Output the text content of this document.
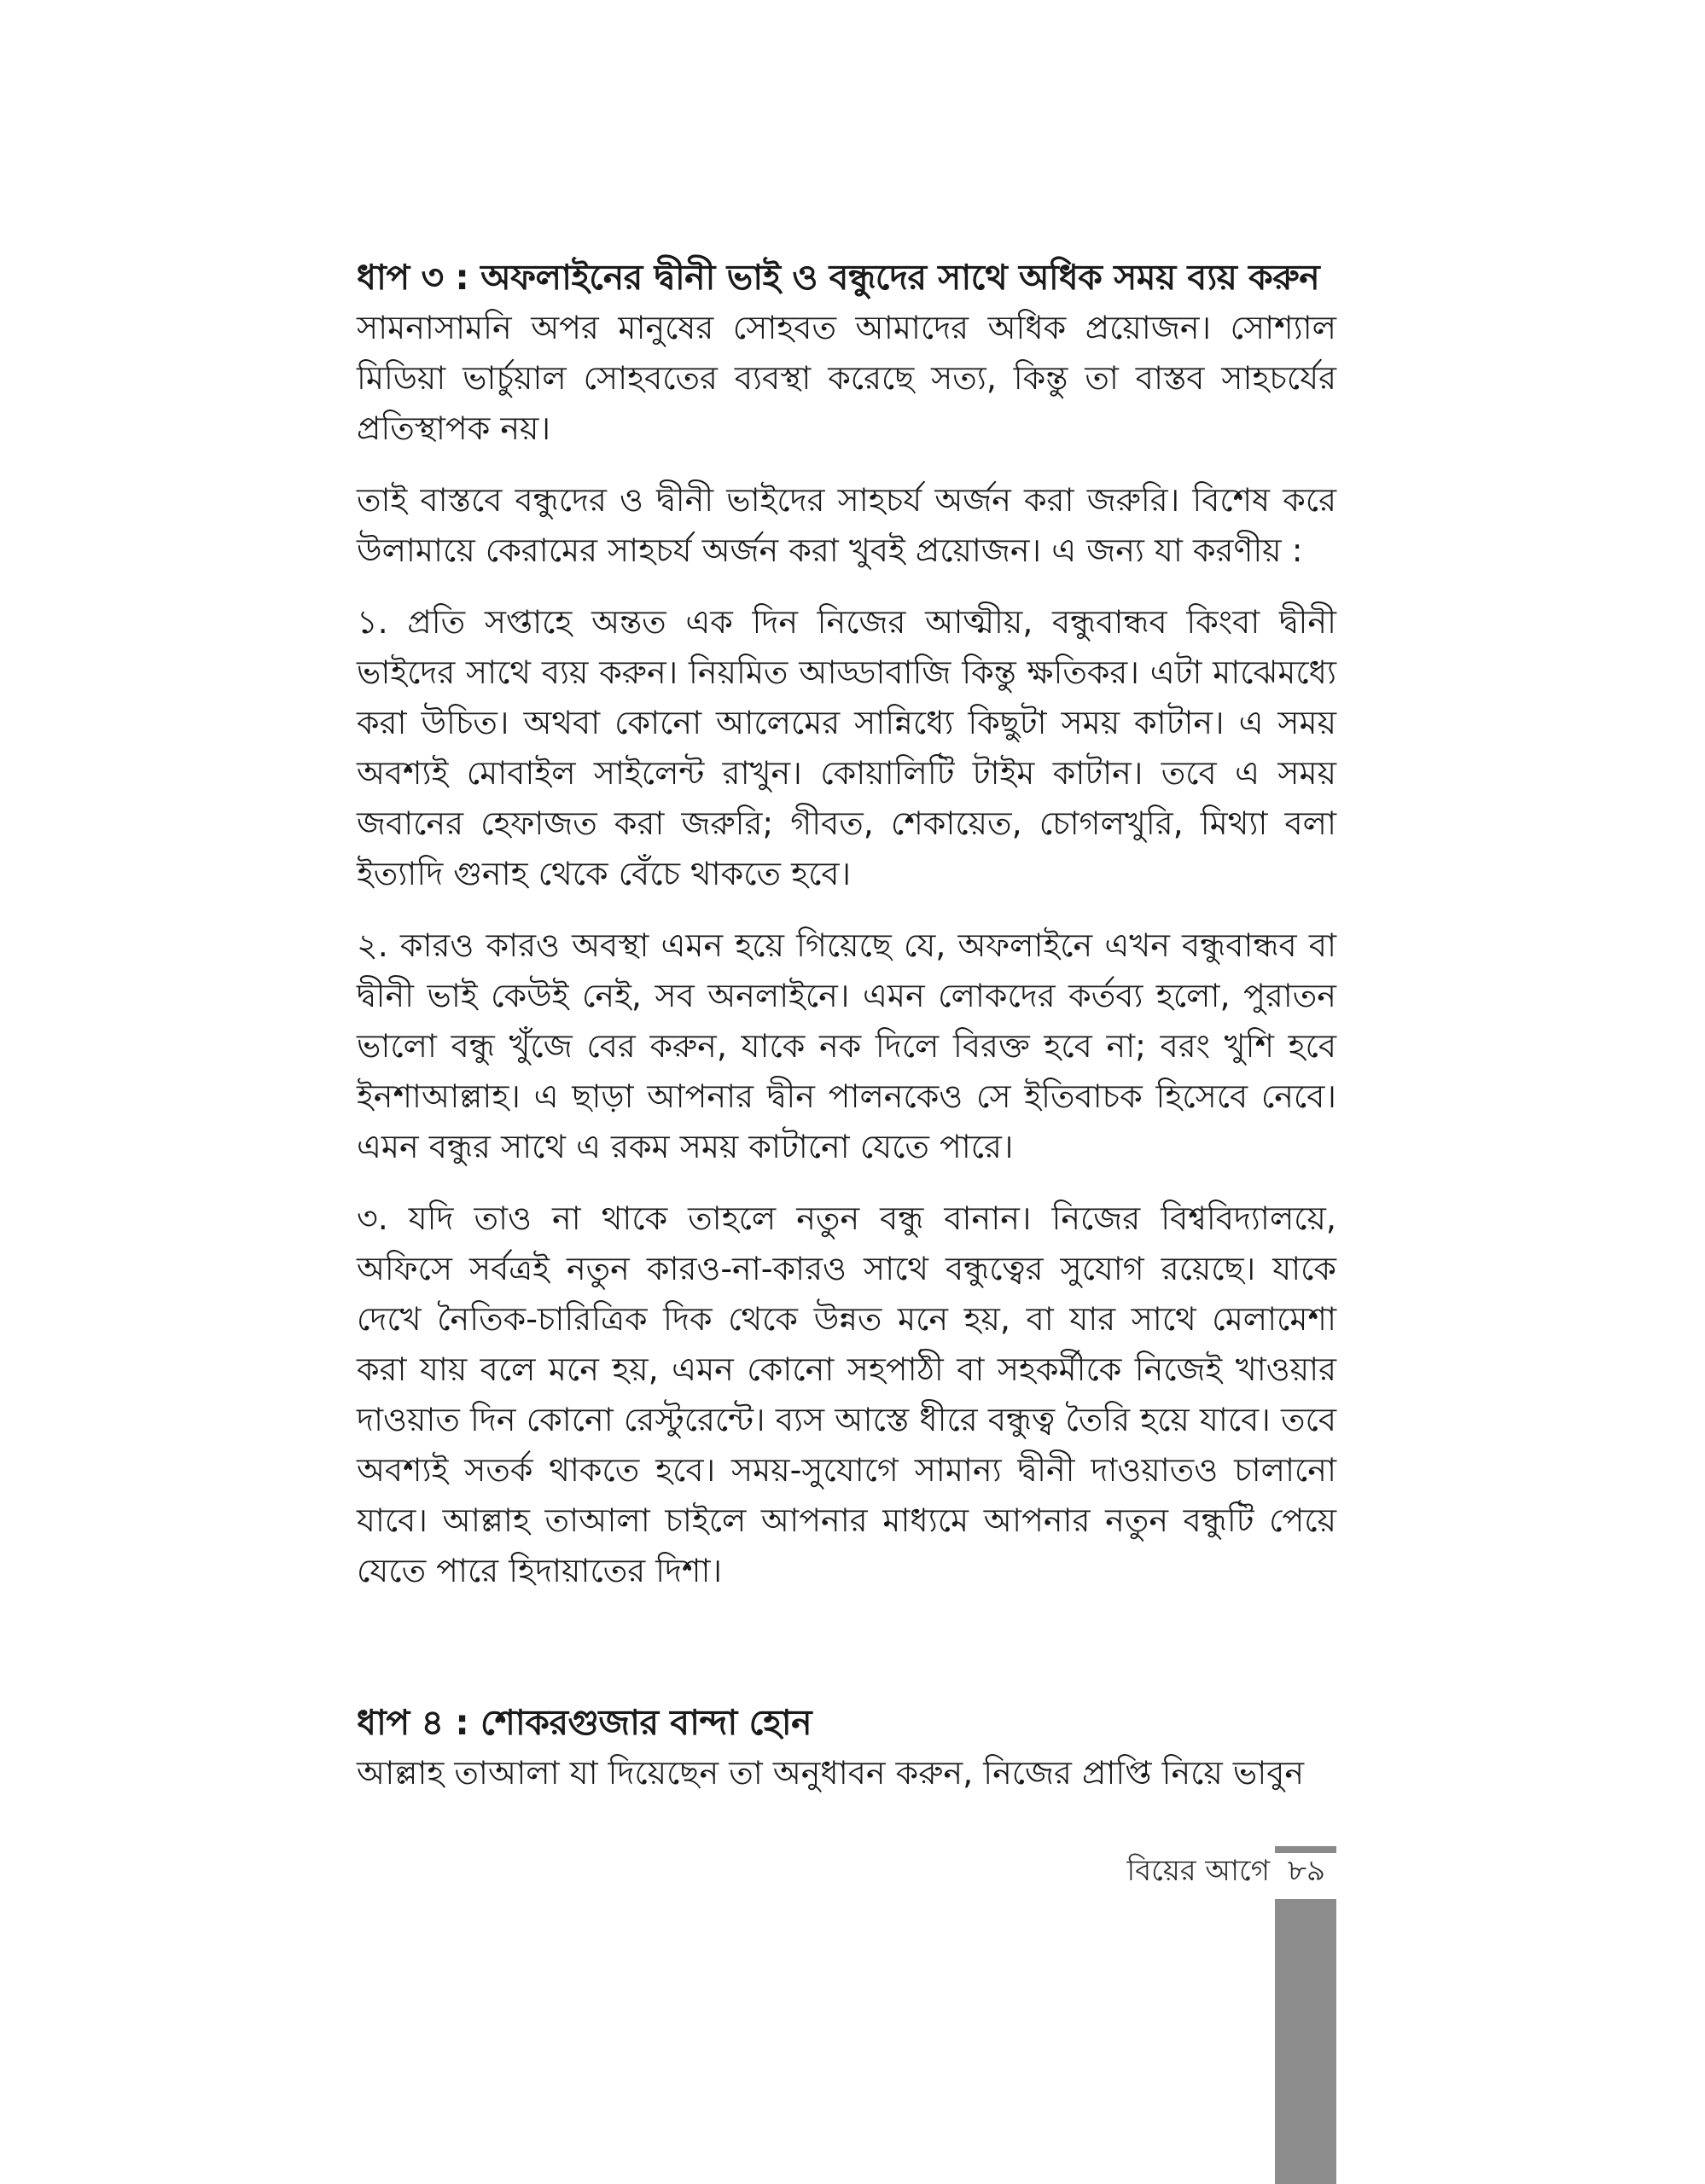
ধাপ ৩ : অফলাইনের দ্বীনী ভাই ও বন্ধুদের সাথে অধিক সময় ব্যয় করুন

সামনাসামনি অপর মানুষের সোহবত আমাদের অধিক প্রয়োজন। সোশ্যাল মিডিয়া ভার্চুয়াল সোহবতের ব্যবস্থা করেছে সত্য, কিন্তু তা বাস্তব সাহচর্যের প্রতিস্থাপক নয়।

তাই বাস্তবে বন্ধুদের ও দ্বীনী ভাইদের সাহচর্য অর্জন করা জরুরি। বিশেষ করে উলামায়ে কেরামের সাহচর্য অর্জন করা খুবই প্রয়োজন। এ জন্য যা করণীয় :

১. প্রতি সপ্তাহে অন্তত এক দিন নিজের আত্মীয়, বন্ধুবান্ধব কিংবা দ্বীনী ভাইদের সাথে ব্যয় করুন। নিয়মিত আড্ডাবাজি কিন্তু ক্ষতিকর। এটা মাঝেমধ্যে করা উচিত। অথবা কোনো আলেমের সান্নিধ্যে কিছুটা সময় কাটান। এ সময় অবশ্যই মোবাইল সাইলেন্ট রাখুন। কোয়ালিটি টাইম কাটান। তবে এ সময় জবানের হেফাজত করা জরুরি; গীবত, শেকায়েত, চোগলখুরি, মিথ্যা বলা ইত্যাদি গুনাহ থেকে বেঁচে থাকতে হবে।

২. কারও কারও অবস্থা এমন হয়ে গিয়েছে যে, অফলাইনে এখন বন্ধুবান্ধব বা দ্বীনী ভাই কেউই নেই, সব অনলাইনে। এমন লোকদের কর্তব্য হলো, পুরাতন ভালো বন্ধু খুঁজে বের করুন, যাকে নক দিলে বিরক্ত হবে না; বরং খুশি হবে ইনশাআল্লাহ। এ ছাড়া আপনার দ্বীন পালনকেও সে ইতিবাচক হিসেবে নেবে। এমন বন্ধুর সাথে এ রকম সময় কাটানো যেতে পারে।

৩. যদি তাও না থাকে তাহলে নতুন বন্ধু বানান। নিজের বিশ্ববিদ্যালয়ে, অফিসে সর্বত্রই নতুন কারও-না-কারও সাথে বন্ধুত্বের সুযোগ রয়েছে। যাকে দেখে নৈতিক-চারিত্রিক দিক থেকে উন্নত মনে হয়, বা যার সাথে মেলামেশা করা যায় বলে মনে হয়, এমন কোনো সহপাঠী বা সহকর্মীকে নিজেই খাওয়ার দাওয়াত দিন কোনো রেস্টুরেন্টে। ব্যস আস্তে ধীরে বন্ধুত্ব তৈরি হয়ে যাবে। তবে অবশ্যই সতর্ক থাকতে হবে। সময়-সুযোগে সামান্য দ্বীনী দাওয়াতও চালানো যাবে। আল্লাহ তাআলা চাইলে আপনার মাধ্যমে আপনার নতুন বন্ধুটি পেয়ে যেতে পারে হিদায়াতের দিশা।

ধাপ ৪ : শোকরগুজার বান্দা হোন

আল্লাহ তাআলা যা দিয়েছেন তা অনুধাবন করুন, নিজের প্রাপ্তি নিয়ে ভাবুন

বিয়ের আগে ৮৯
